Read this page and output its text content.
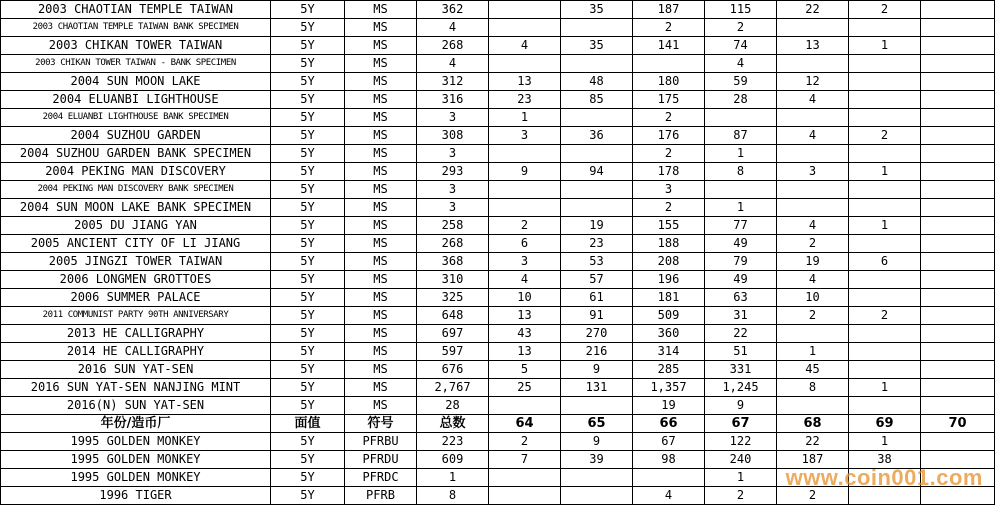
2003 CHAOTIAN TEMPLE TAIWAN	5Y	MS	362		35	187	115	22	2	
2003 CHAOTIAN TEMPLE TAIWAN BANK SPECIMEN	5Y	MS	4			2	2			
2003 CHIKAN TOWER TAIWAN	5Y	MS	268	4	35	141	74	13	1	
2003 CHIKAN TOWER TAIWAN - BANK SPECIMEN	5Y	MS	4				4			
2004 SUN MOON LAKE	5Y	MS	312	13	48	180	59	12		
2004 ELUANBI LIGHTHOUSE	5Y	MS	316	23	85	175	28	4		
2004 ELUANBI LIGHTHOUSE BANK SPECIMEN	5Y	MS	3	1		2				
2004 SUZHOU GARDEN	5Y	MS	308	3	36	176	87	4	2	
2004 SUZHOU GARDEN BANK SPECIMEN	5Y	MS	3			2	1			
2004 PEKING MAN DISCOVERY	5Y	MS	293	9	94	178	8	3	1	
2004 PEKING MAN DISCOVERY BANK SPECIMEN	5Y	MS	3			3				
2004 SUN MOON LAKE BANK SPECIMEN	5Y	MS	3			2	1			
2005 DU JIANG YAN	5Y	MS	258	2	19	155	77	4	1	
2005 ANCIENT CITY OF LI JIANG	5Y	MS	268	6	23	188	49	2		
2005 JINGZI TOWER TAIWAN	5Y	MS	368	3	53	208	79	19	6	
2006 LONGMEN GROTTOES	5Y	MS	310	4	57	196	49	4		
2006 SUMMER PALACE	5Y	MS	325	10	61	181	63	10		
2011 COMMUNIST PARTY 90TH ANNIVERSARY	5Y	MS	648	13	91	509	31	2	2	
2013 HE CALLIGRAPHY	5Y	MS	697	43	270	360	22			
2014 HE CALLIGRAPHY	5Y	MS	597	13	216	314	51	1		
2016 SUN YAT-SEN	5Y	MS	676	5	9	285	331	45		
2016 SUN YAT-SEN NANJING MINT	5Y	MS	2,767	25	131	1,357	1,245	8	1	
2016(N) SUN YAT-SEN	5Y	MS	28			19	9			
年份/造币厂	面值	符号	总数	64	65	66	67	68	69	70
1995 GOLDEN MONKEY	5Y	PFRBU	223	2	9	67	122	22	1	
1995 GOLDEN MONKEY	5Y	PFRDU	609	7	39	98	240	187	38	
1995 GOLDEN MONKEY	5Y	PFRDC	1				1			
1996 TIGER	5Y	PFRB	8			4	2	2		
www.coin001.com
